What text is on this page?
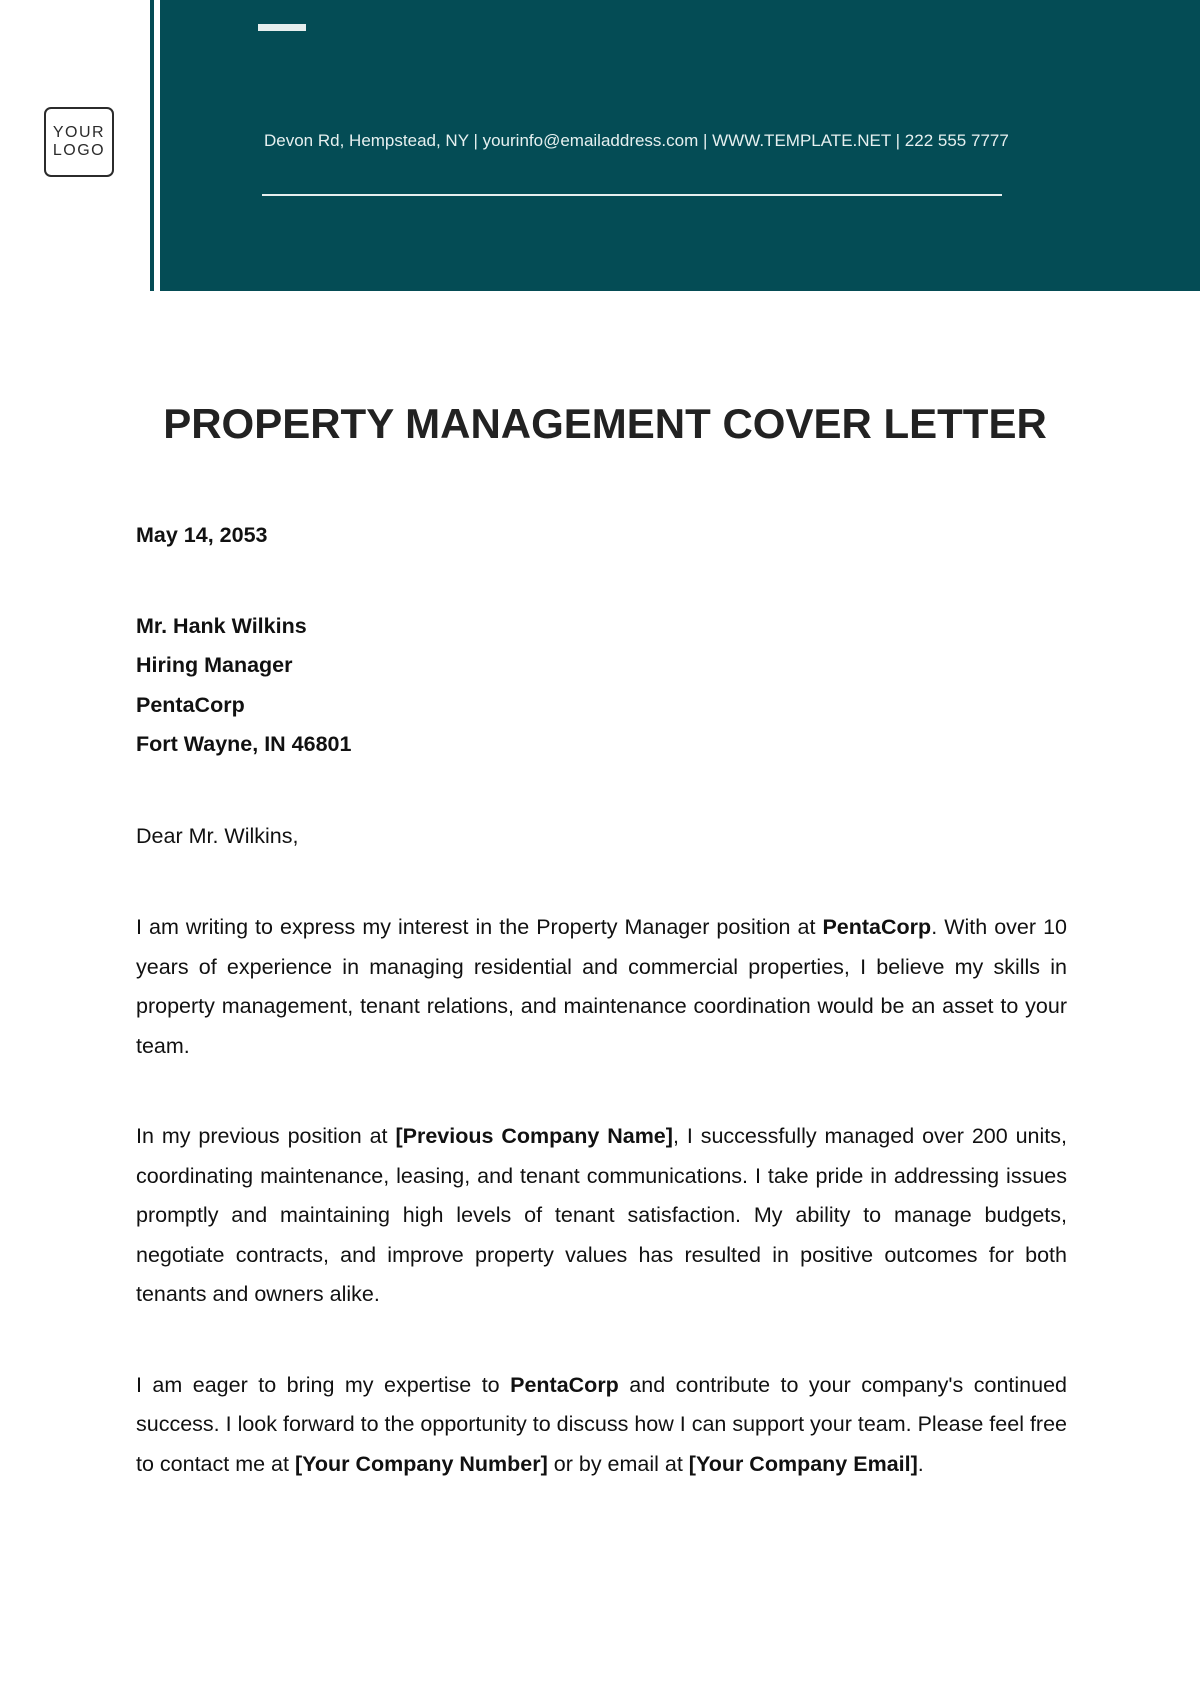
YOUR
LOGO
Devon Rd, Hempstead, NY | yourinfo@emailaddress.com | WWW.TEMPLATE.NET | 222 555 7777
PROPERTY MANAGEMENT COVER LETTER

May 14, 2053

Mr. Hank Wilkins

Hiring Manager

PentaCorp

Fort Wayne, IN 46801

Dear Mr. Wilkins,

I am writing to express my interest in the Property Manager position at PentaCorp. With over 10 years of experience in managing residential and commercial properties, I believe my skills in property management, tenant relations, and maintenance coordination would be an asset to your team.

In my previous position at [Previous Company Name], I successfully managed over 200 units, coordinating maintenance, leasing, and tenant communications. I take pride in addressing issues promptly and maintaining high levels of tenant satisfaction. My ability to manage budgets, negotiate contracts, and improve property values has resulted in positive outcomes for both tenants and owners alike.

I am eager to bring my expertise to PentaCorp and contribute to your company's continued success. I look forward to the opportunity to discuss how I can support your team. Please feel free to contact me at [Your Company Number] or by email at [Your Company Email].
